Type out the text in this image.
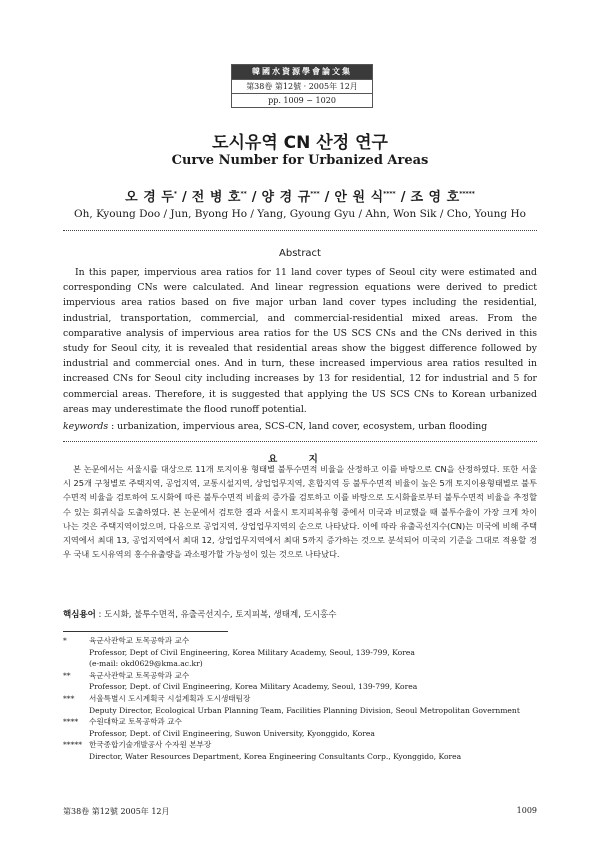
韓國水資源學會論文集
第38卷 第12號 · 2005年 12月
pp. 1009 ~ 1020
도시유역 CN 산정 연구
Curve Number for Urbanized Areas
오 경 두* / 전 병 호** / 양 경 규*** / 안 원 식**** / 조 영 호*****
Oh, Kyoung Doo / Jun, Byong Ho / Yang, Gyoung Gyu / Ahn, Won Sik / Cho, Young Ho
Abstract

In this paper, impervious area ratios for 11 land cover types of Seoul city were estimated and corresponding CNs were calculated. And linear regression equations were derived to predict impervious area ratios based on five major urban land cover types including the residential, industrial, transportation, commercial, and commercial-residential mixed areas. From the comparative analysis of impervious area ratios for the US SCS CNs and the CNs derived in this study for Seoul city, it is revealed that residential areas show the biggest difference followed by industrial and commercial ones. And in turn, these increased impervious area ratios resulted in increased CNs for Seoul city including increases by 13 for residential, 12 for industrial and 5 for commercial areas. Therefore, it is suggested that applying the US SCS CNs to Korean urbanized areas may underestimate the flood runoff potential.

keywords : urbanization, impervious area, SCS-CN, land cover, ecosystem, urban flooding
요 지

본 논문에서는 서울시를 대상으로 11개 토지이용 형태별 불투수면적 비율을 산정하고 이를 바탕으로 CN을 산정하였다. 또한 서울시 25개 구청별로 주택지역, 공업지역, 교통시설지역, 상업업무지역, 혼합지역 등 불투수면적 비율이 높은 5개 토지이용형태별로 불투수면적 비율을 검토하여 도시화에 따른 불투수면적 비율의 증가를 검토하고 이를 바탕으로 도시화율로부터 불투수면적 비율을 추정할 수 있는 회귀식을 도출하였다. 본 논문에서 검토한 결과 서울시 토지피복유형 중에서 미국과 비교했을 때 불투수율이 가장 크게 차이 나는 것은 주택지역이었으며, 다음으로 공업지역, 상업업무지역의 순으로 나타났다. 이에 따라 유출곡선지수(CN)는 미국에 비해 주택지역에서 최대 13, 공업지역에서 최대 12, 상업업무지역에서 최대 5까지 증가하는 것으로 분석되어 미국의 기준을 그대로 적용할 경우 국내 도시유역의 홍수유출량을 과소평가할 가능성이 있는 것으로 나타났다.

핵심용어 : 도시화, 불투수면적, 유출곡선지수, 토지피복, 생태계, 도시홍수
*	육군사관학교 토목공학과 교수
Professor, Dept of Civil Engineering, Korea Military Academy, Seoul, 139-799, Korea
(e-mail: okd0629@kma.ac.kr)
**	육군사관학교 토목공학과 교수
Professor, Dept. of Civil Engineering, Korea Military Academy, Seoul, 139-799, Korea
***	서울특별시 도시계획국 시설계획과 도시생태팀장
Deputy Director, Ecological Urban Planning Team, Facilities Planning Division, Seoul Metropolitan Government
****	수원대학교 토목공학과 교수
Professor, Dept. of Civil Engineering, Suwon University, Kyonggido, Korea
***** 한국종합기술개발공사 수자원 본부장
Director, Water Resources Department, Korea Engineering Consultants Corp., Kyonggido, Korea
第38卷 第12號 2005年 12月	1009
